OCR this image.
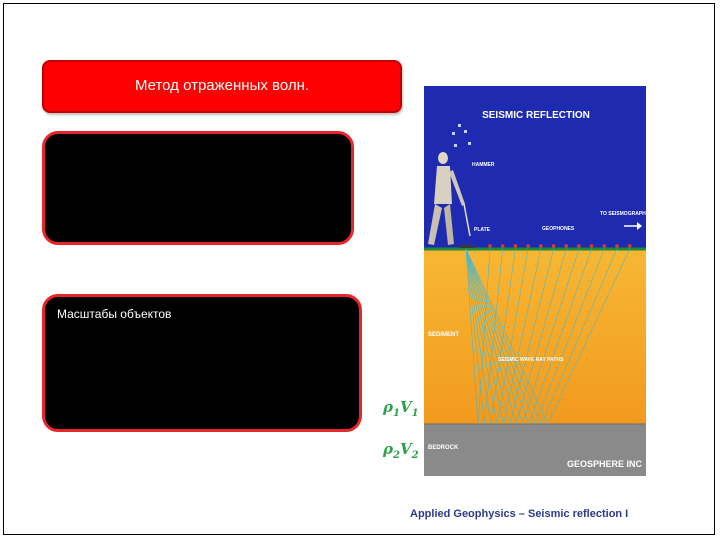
Метод отраженных волн.
Масштабы объектов
SEISMIC REFLECTION
HAMMER
PLATE	GEOPHONES
TO SEISMOGRAPH
SEDIMENT
SEISMIC WAVE RAY PATHS
BEDROCK
GEOSPHERE INC
$\rho_1V_1$
$\rho_2V_2$
Applied Geophysics – Seismic reflection I
